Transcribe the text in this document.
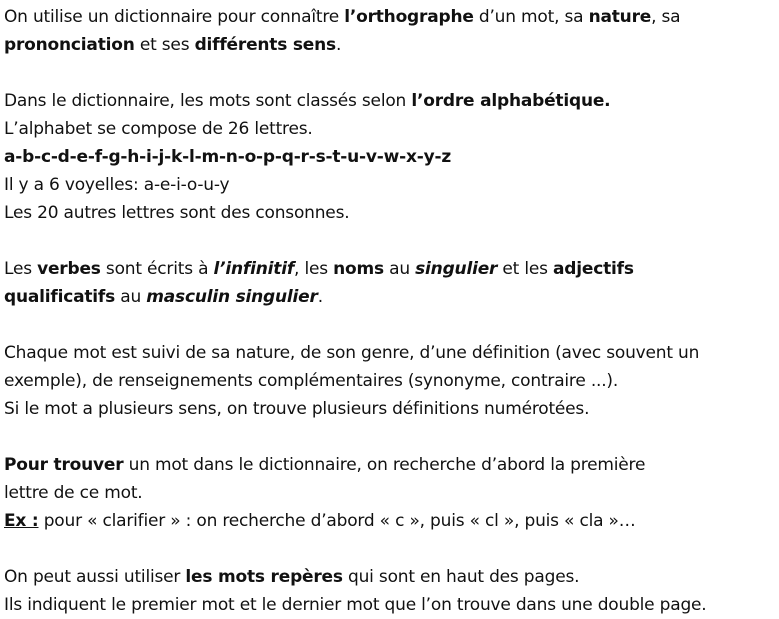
On utilise un dictionnaire pour connaître l’orthographe d’un mot, sa nature, sa

prononciation et ses différents sens.

Dans le dictionnaire, les mots sont classés selon l’ordre alphabétique.

L’alphabet se compose de 26 lettres.

a-b-c-d-e-f-g-h-i-j-k-l-m-n-o-p-q-r-s-t-u-v-w-x-y-z

Il y a 6 voyelles: a-e-i-o-u-y

Les 20 autres lettres sont des consonnes.

Les verbes sont écrits à l’infinitif, les noms au singulier et les adjectifs

qualificatifs au masculin singulier.

Chaque mot est suivi de sa nature, de son genre, d’une définition (avec souvent un

exemple), de renseignements complémentaires (synonyme, contraire ...).

Si le mot a plusieurs sens, on trouve plusieurs définitions numérotées.

Pour trouver un mot dans le dictionnaire, on recherche d’abord la première

lettre de ce mot.

Ex : pour « clarifier » : on recherche d’abord « c », puis « cl », puis « cla »…

On peut aussi utiliser les mots repères qui sont en haut des pages.

Ils indiquent le premier mot et le dernier mot que l’on trouve dans une double page.
